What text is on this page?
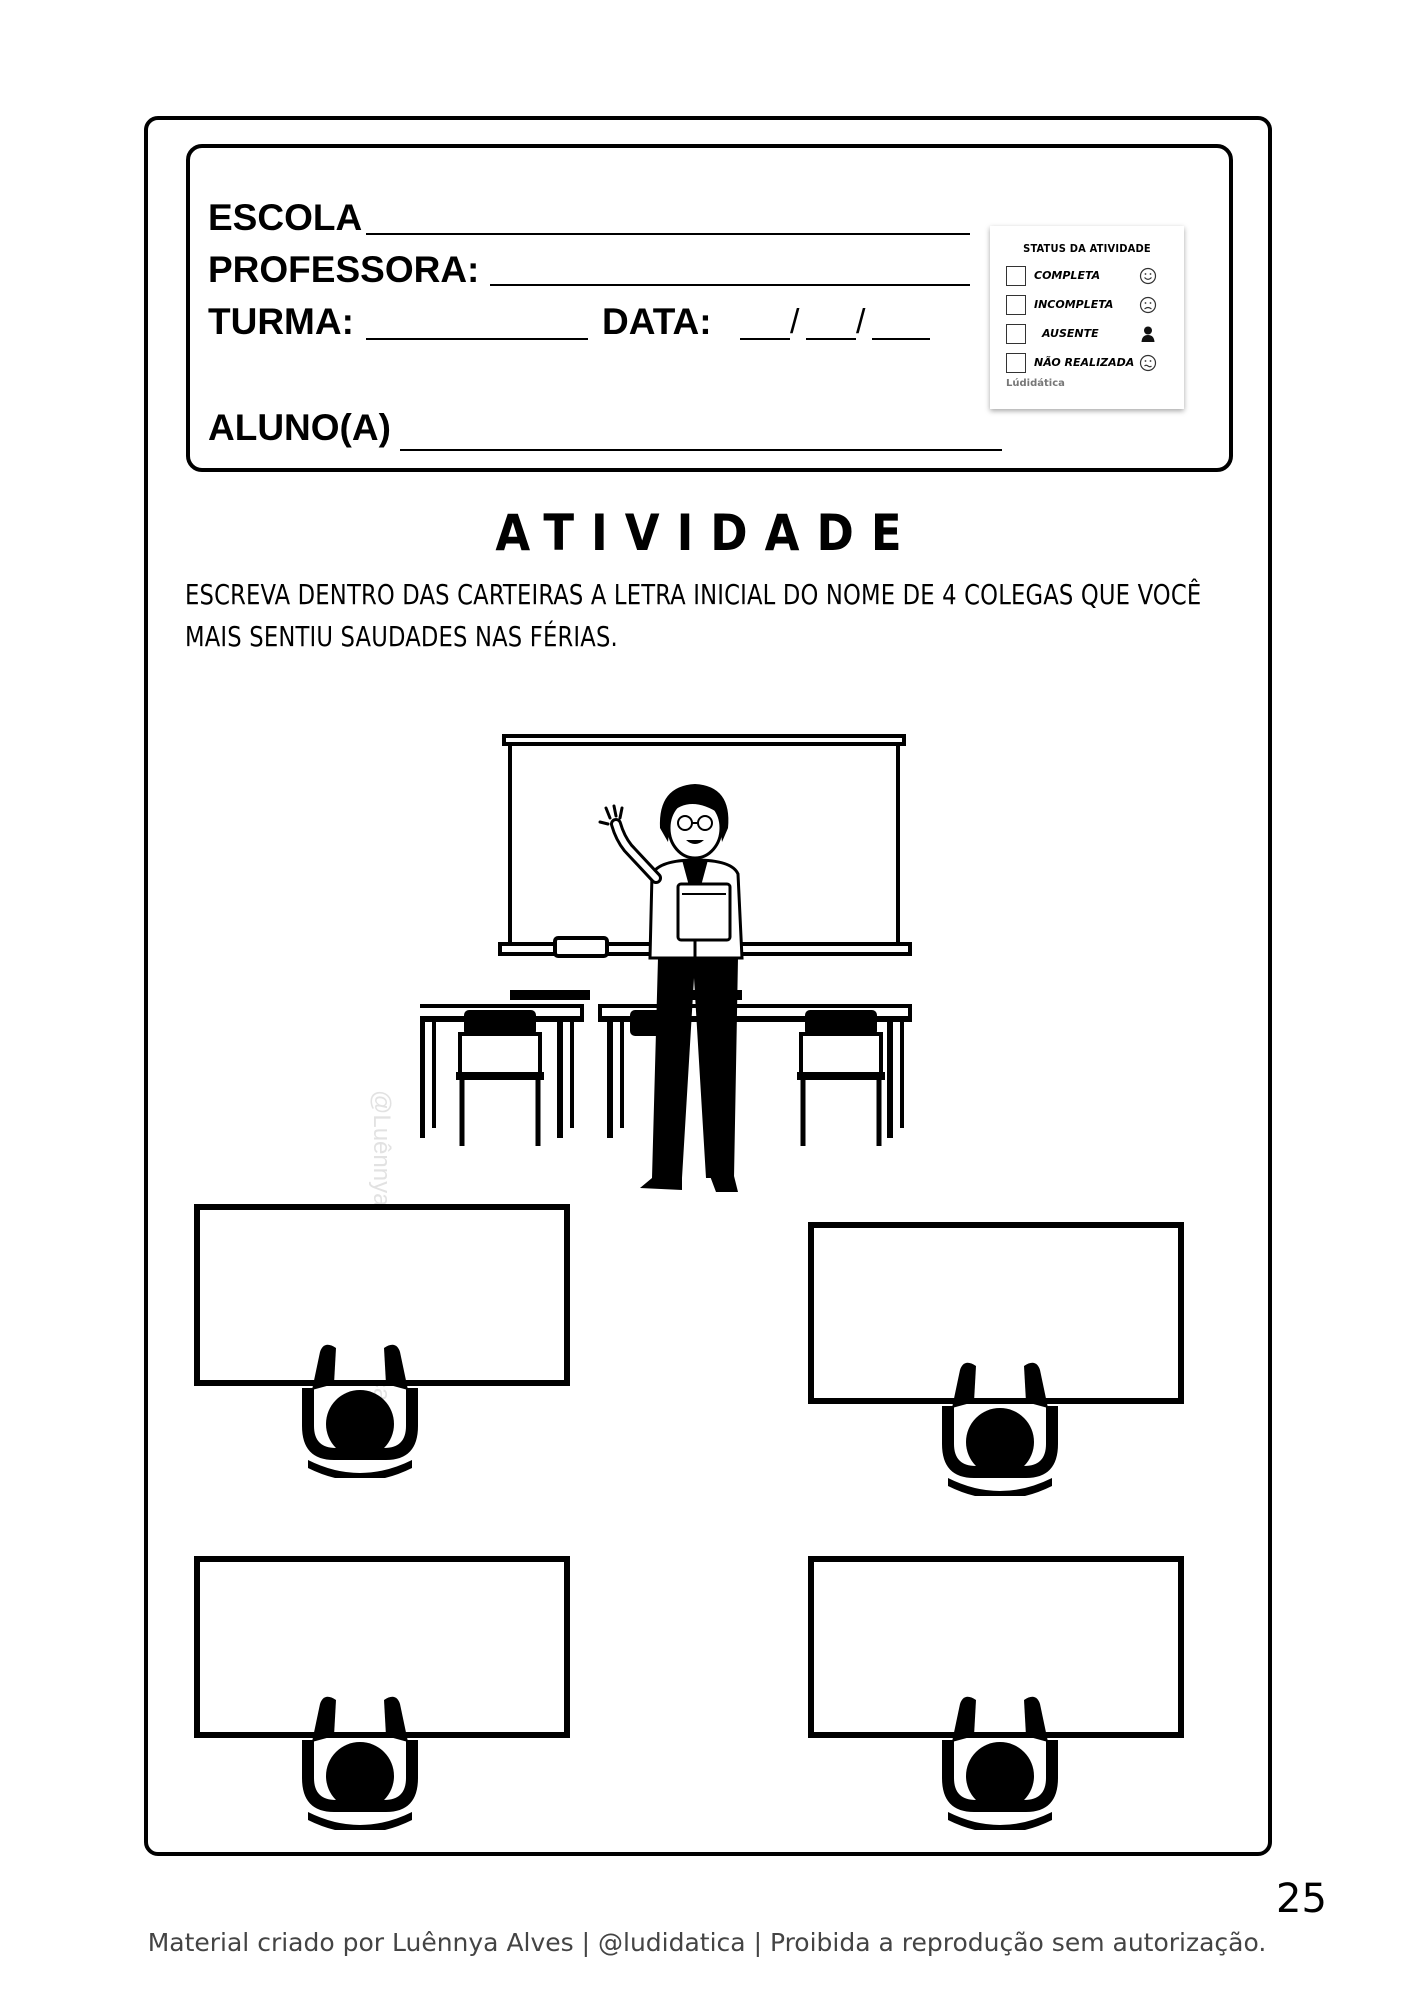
ESCOLA
PROFESSORA:
TURMA:	DATA: / /
ALUNO(A)
STATUS DA ATIVIDADE
COMPLETA
INCOMPLETA
AUSENTE
NÃO REALIZADA
Lúdidática
ATIVIDADE
ESCREVA DENTRO DAS CARTEIRAS A LETRA INICIAL DO NOME DE 4 COLEGAS QUE VOCÊ
MAIS SENTIU SAUDADES NAS FÉRIAS.
25
Material criado por Luênnya Alves | @ludidatica | Proibida a reprodução sem autorização.
